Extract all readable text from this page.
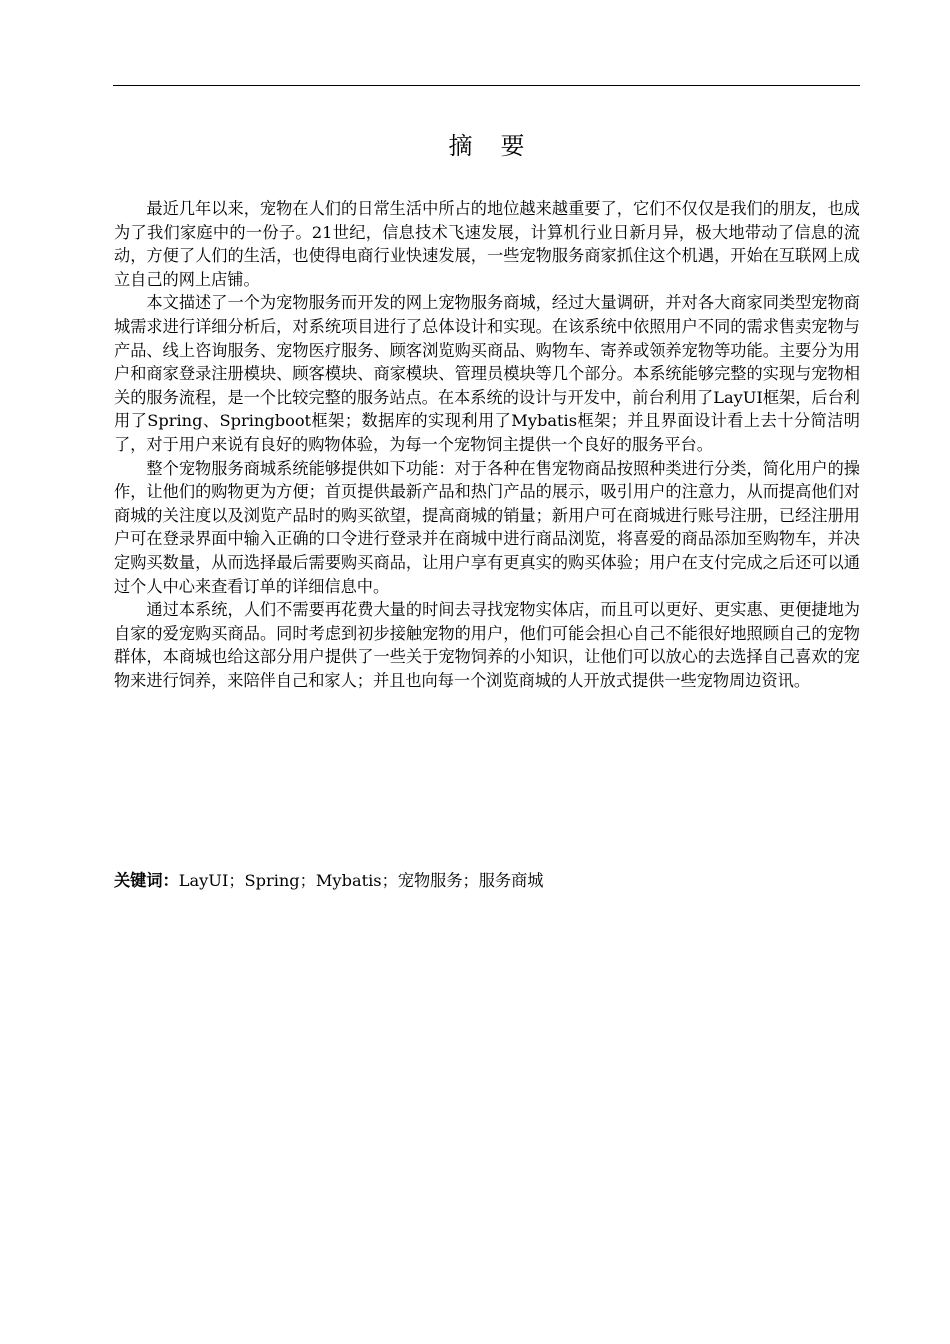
摘 要

最近几年以来，宠物在人们的日常生活中所占的地位越来越重要了，它们不仅仅是我们的朋友，也成为了我们家庭中的一份子。21世纪，信息技术飞速发展，计算机行业日新月异，极大地带动了信息的流动，方便了人们的生活，也使得电商行业快速发展，一些宠物服务商家抓住这个机遇，开始在互联网上成立自己的网上店铺。

本文描述了一个为宠物服务而开发的网上宠物服务商城，经过大量调研，并对各大商家同类型宠物商城需求进行详细分析后，对系统项目进行了总体设计和实现。在该系统中依照用户不同的需求售卖宠物与产品、线上咨询服务、宠物医疗服务、顾客浏览购买商品、购物车、寄养或领养宠物等功能。主要分为用户和商家登录注册模块、顾客模块、商家模块、管理员模块等几个部分。本系统能够完整的实现与宠物相关的服务流程，是一个比较完整的服务站点。在本系统的设计与开发中，前台利用了LayUI框架，后台利用了Spring、Springboot框架；数据库的实现利用了Mybatis框架；并且界面设计看上去十分简洁明了，对于用户来说有良好的购物体验，为每一个宠物饲主提供一个良好的服务平台。

整个宠物服务商城系统能够提供如下功能：对于各种在售宠物商品按照种类进行分类，简化用户的操作，让他们的购物更为方便；首页提供最新产品和热门产品的展示，吸引用户的注意力，从而提高他们对商城的关注度以及浏览产品时的购买欲望，提高商城的销量；新用户可在商城进行账号注册，已经注册用户可在登录界面中输入正确的口令进行登录并在商城中进行商品浏览，将喜爱的商品添加至购物车，并决定购买数量，从而选择最后需要购买商品，让用户享有更真实的购买体验；用户在支付完成之后还可以通过个人中心来查看订单的详细信息中。

通过本系统，人们不需要再花费大量的时间去寻找宠物实体店，而且可以更好、更实惠、更便捷地为自家的爱宠购买商品。同时考虑到初步接触宠物的用户，他们可能会担心自己不能很好地照顾自己的宠物群体，本商城也给这部分用户提供了一些关于宠物饲养的小知识，让他们可以放心的去选择自己喜欢的宠物来进行饲养，来陪伴自己和家人；并且也向每一个浏览商城的人开放式提供一些宠物周边资讯。

关键词：LayUI；Spring；Mybatis；宠物服务；服务商城
